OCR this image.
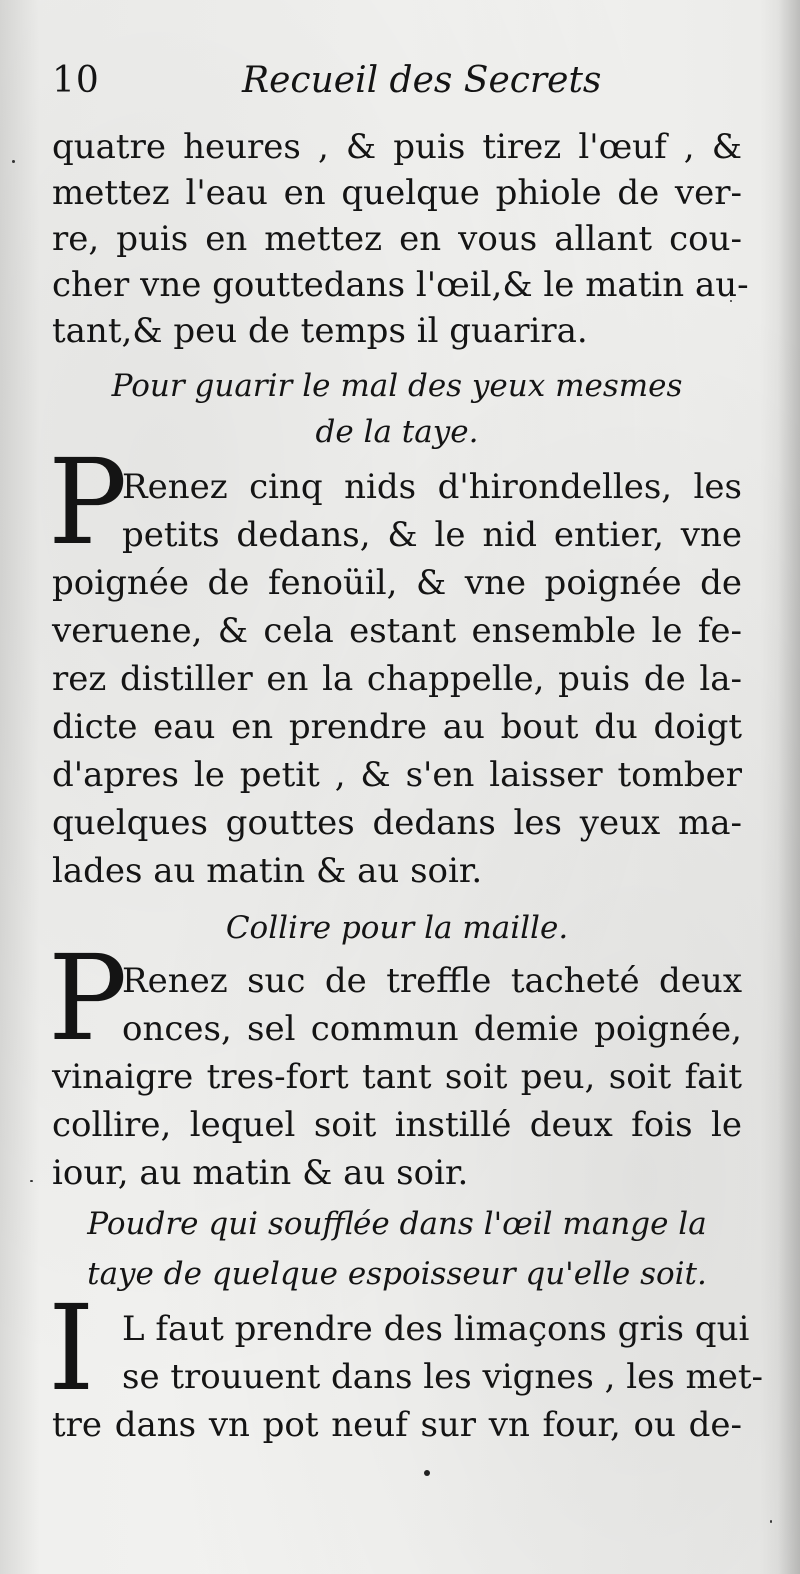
10	Recueil des Secrets
quatre heures , & puis tirez l'œuf , &
mettez l'eau en quelque phiole de ver-
re, puis en mettez en vous allant cou-
cher vne gouttedans l'œil,& le matin au-
tant,& peu de temps il guarira.
Pour guarir le mal des yeux mesmes
de la taye.
P
Renez cinq nids d'hirondelles, les
petits dedans, & le nid entier, vne
poignée de fenoüil, & vne poignée de
veruene, & cela estant ensemble le fe-
rez distiller en la chappelle, puis de la-
dicte eau en prendre au bout du doigt
d'apres le petit , & s'en laisser tomber
quelques gouttes dedans les yeux ma-
lades au matin & au soir.
Collire pour la maille.
P
Renez suc de treffle tacheté deux
onces, sel commun demie poignée,
vinaigre tres-fort tant soit peu, soit fait
collire, lequel soit instillé deux fois le
iour, au matin & au soir.
Poudre qui soufflée dans l'œil mange la
taye de quelque espoisseur qu'elle soit.
I L faut prendre des limaçons gris qui
se trouuent dans les vignes , les met-
tre dans vn pot neuf sur vn four, ou de-
